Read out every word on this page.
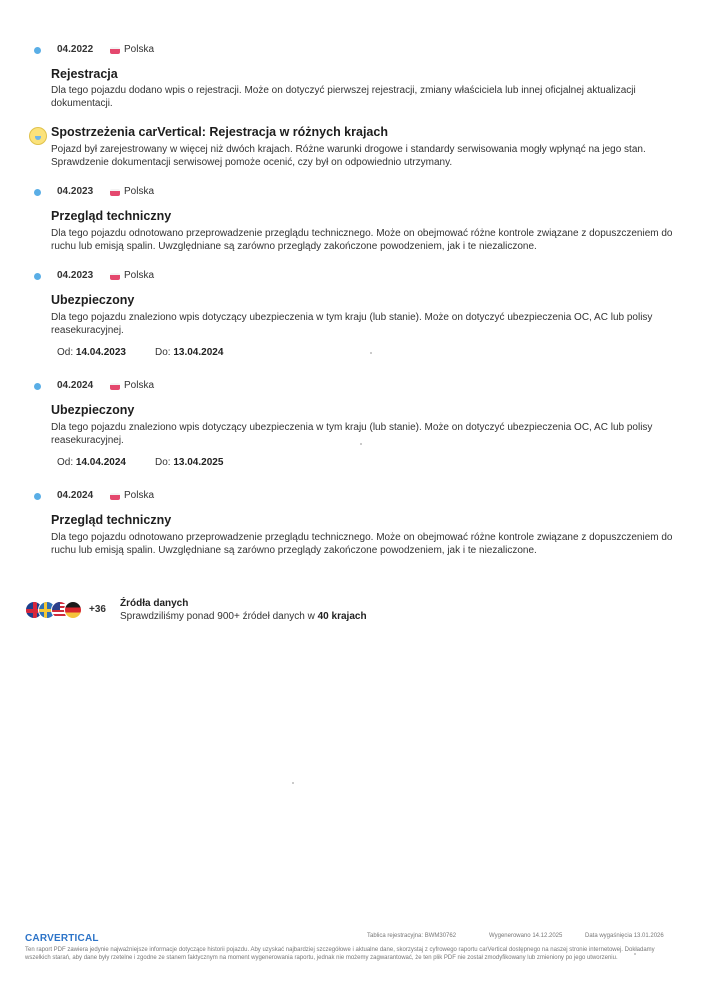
04.2022	Polska
Rejestracja
Dla tego pojazdu dodano wpis o rejestracji. Może on dotyczyć pierwszej rejestracji, zmiany właściciela lub innej oficjalnej aktualizacji dokumentacji.
Spostrzeżenia carVertical: Rejestracja w różnych krajach
Pojazd był zarejestrowany w więcej niż dwóch krajach. Różne warunki drogowe i standardy serwisowania mogły wpłynąć na jego stan. Sprawdzenie dokumentacji serwisowej pomoże ocenić, czy był on odpowiednio utrzymany.
04.2023	Polska
Przegląd techniczny
Dla tego pojazdu odnotowano przeprowadzenie przeglądu technicznego. Może on obejmować różne kontrole związane z dopuszczeniem do ruchu lub emisją spalin. Uwzględniane są zarówno przeglądy zakończone powodzeniem, jak i te niezaliczone.
04.2023	Polska
Ubezpieczony
Dla tego pojazdu znaleziono wpis dotyczący ubezpieczenia w tym kraju (lub stanie). Może on dotyczyć ubezpieczenia OC, AC lub polisy reasekuracyjnej.
Od: 14.04.2023	Do: 13.04.2024
04.2024	Polska
Ubezpieczony
Dla tego pojazdu znaleziono wpis dotyczący ubezpieczenia w tym kraju (lub stanie). Może on dotyczyć ubezpieczenia OC, AC lub polisy reasekuracyjnej.
Od: 14.04.2024	Do: 13.04.2025
04.2024	Polska
Przegląd techniczny
Dla tego pojazdu odnotowano przeprowadzenie przeglądu technicznego. Może on obejmować różne kontrole związane z dopuszczeniem do ruchu lub emisją spalin. Uwzględniane są zarówno przeglądy zakończone powodzeniem, jak i te niezaliczone.
+36
Źródła danych
Sprawdziliśmy ponad 900+ źródeł danych w 40 krajach
CARVERTICAL	Tablica rejestracyjna: BWM30762	Wygenerowano 14.12.2025	Data wygaśnięcia 13.01.2026
Ten raport PDF zawiera jedynie najważniejsze informacje dotyczące historii pojazdu. Aby uzyskać najbardziej szczegółowe i aktualne dane, skorzystaj z cyfrowego raportu carVertical dostępnego na naszej stronie internetowej. Dokładamy wszelkich starań, aby dane były rzetelne i zgodne ze stanem faktycznym na moment wygenerowania raportu, jednak nie możemy zagwarantować, że ten plik PDF nie został zmodyfikowany lub zmieniony po jego utworzeniu.
